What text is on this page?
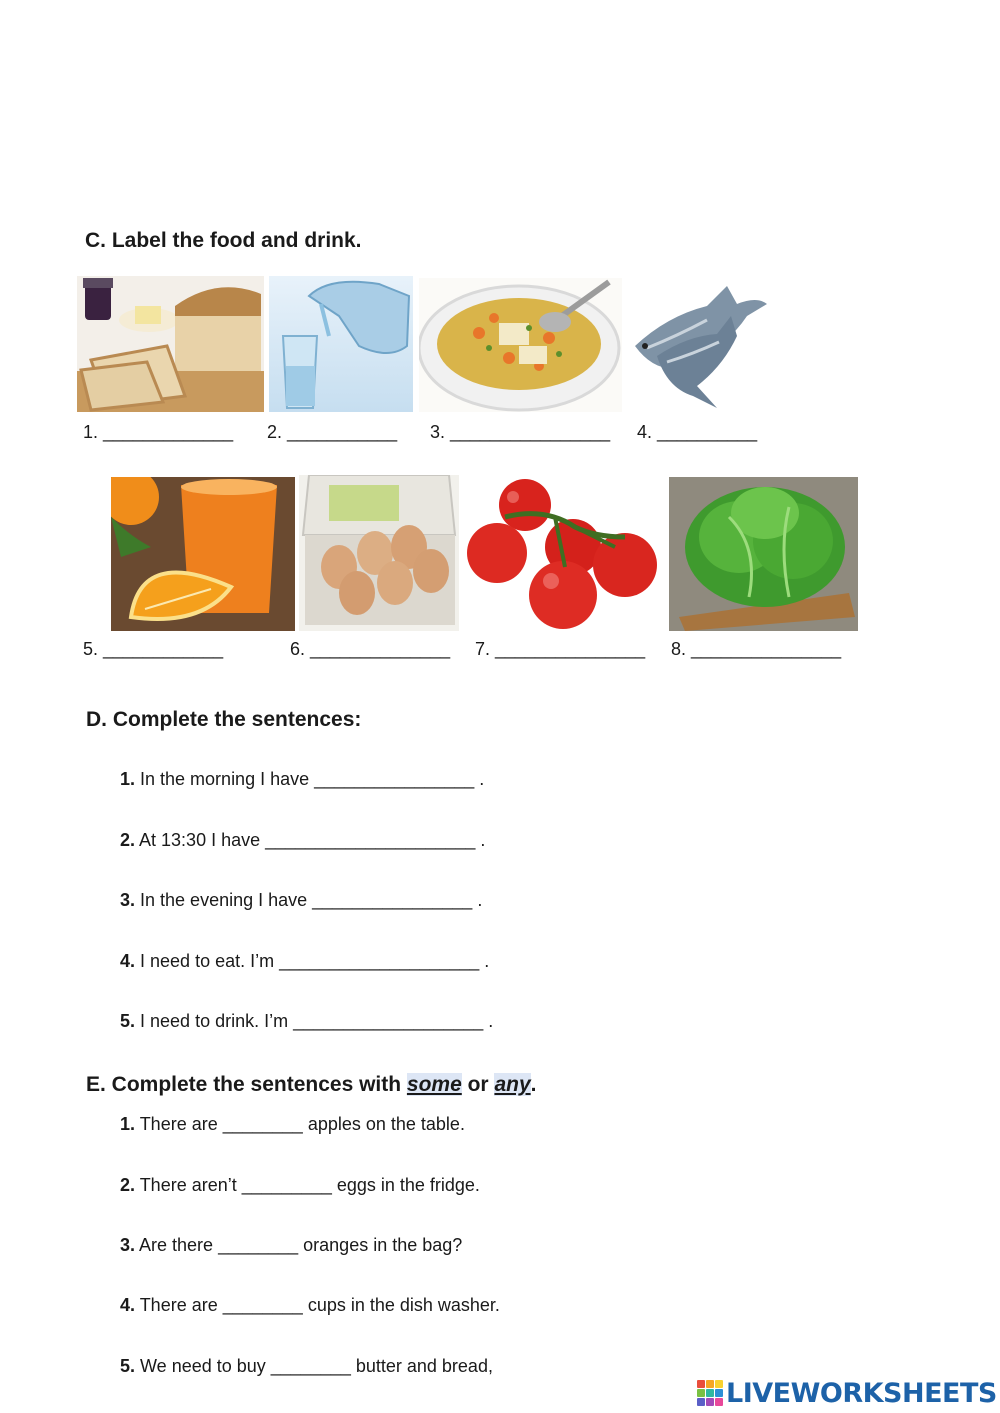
C. Label the food and drink.
1. _____________ 2. ___________ 3. ________________ 4. __________
5. ____________	6. ______________ 7. _______________ 8. _______________
D. Complete the sentences:
1. In the morning I have ________________ .
2. At 13:30 I have _____________________ .
3. In the evening I have ________________ .
4. I need to eat. I’m ____________________ .
5. I need to drink. I’m ___________________ .
E. Complete the sentences with some or any.
1. There are ________ apples on the table.
2. There aren’t _________ eggs in the fridge.
3. Are there ________ oranges in the bag?
4. There are ________ cups in the dish washer.
5. We need to buy ________ butter and bread,
LIVEWORKSHEETS
